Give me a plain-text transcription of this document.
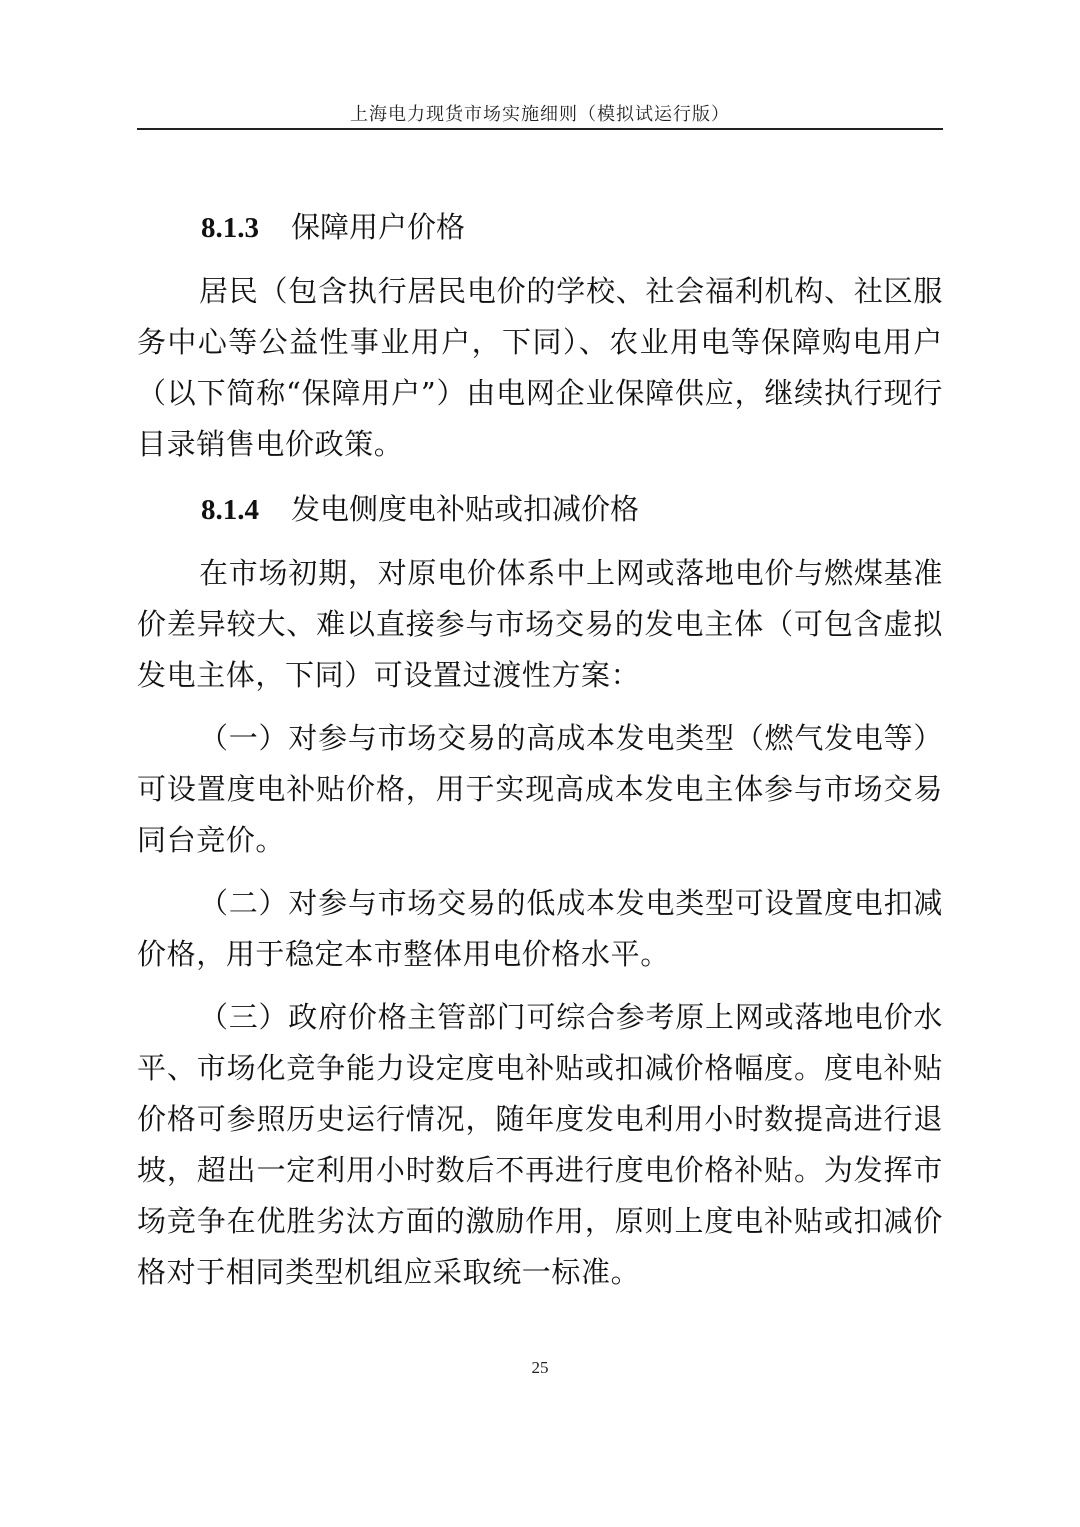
上海电力现货市场实施细则（模拟试运行版）
8.1.3 保障用户价格

居民（包含执行居民电价的学校、社会福利机构、社区服务中心等公益性事业用户，下同）、农业用电等保障购电用户（以下简称“保障用户”）由电网企业保障供应，继续执行现行目录销售电价政策。

8.1.4 发电侧度电补贴或扣减价格

在市场初期，对原电价体系中上网或落地电价与燃煤基准价差异较大、难以直接参与市场交易的发电主体（可包含虚拟发电主体，下同）可设置过渡性方案：

（一）对参与市场交易的高成本发电类型（燃气发电等）可设置度电补贴价格，用于实现高成本发电主体参与市场交易同台竞价。

（二）对参与市场交易的低成本发电类型可设置度电扣减价格，用于稳定本市整体用电价格水平。

（三）政府价格主管部门可综合参考原上网或落地电价水平、市场化竞争能力设定度电补贴或扣减价格幅度。度电补贴价格可参照历史运行情况，随年度发电利用小时数提高进行退坡，超出一定利用小时数后不再进行度电价格补贴。为发挥市场竞争在优胜劣汰方面的激励作用，原则上度电补贴或扣减价格对于相同类型机组应采取统一标准。

25
